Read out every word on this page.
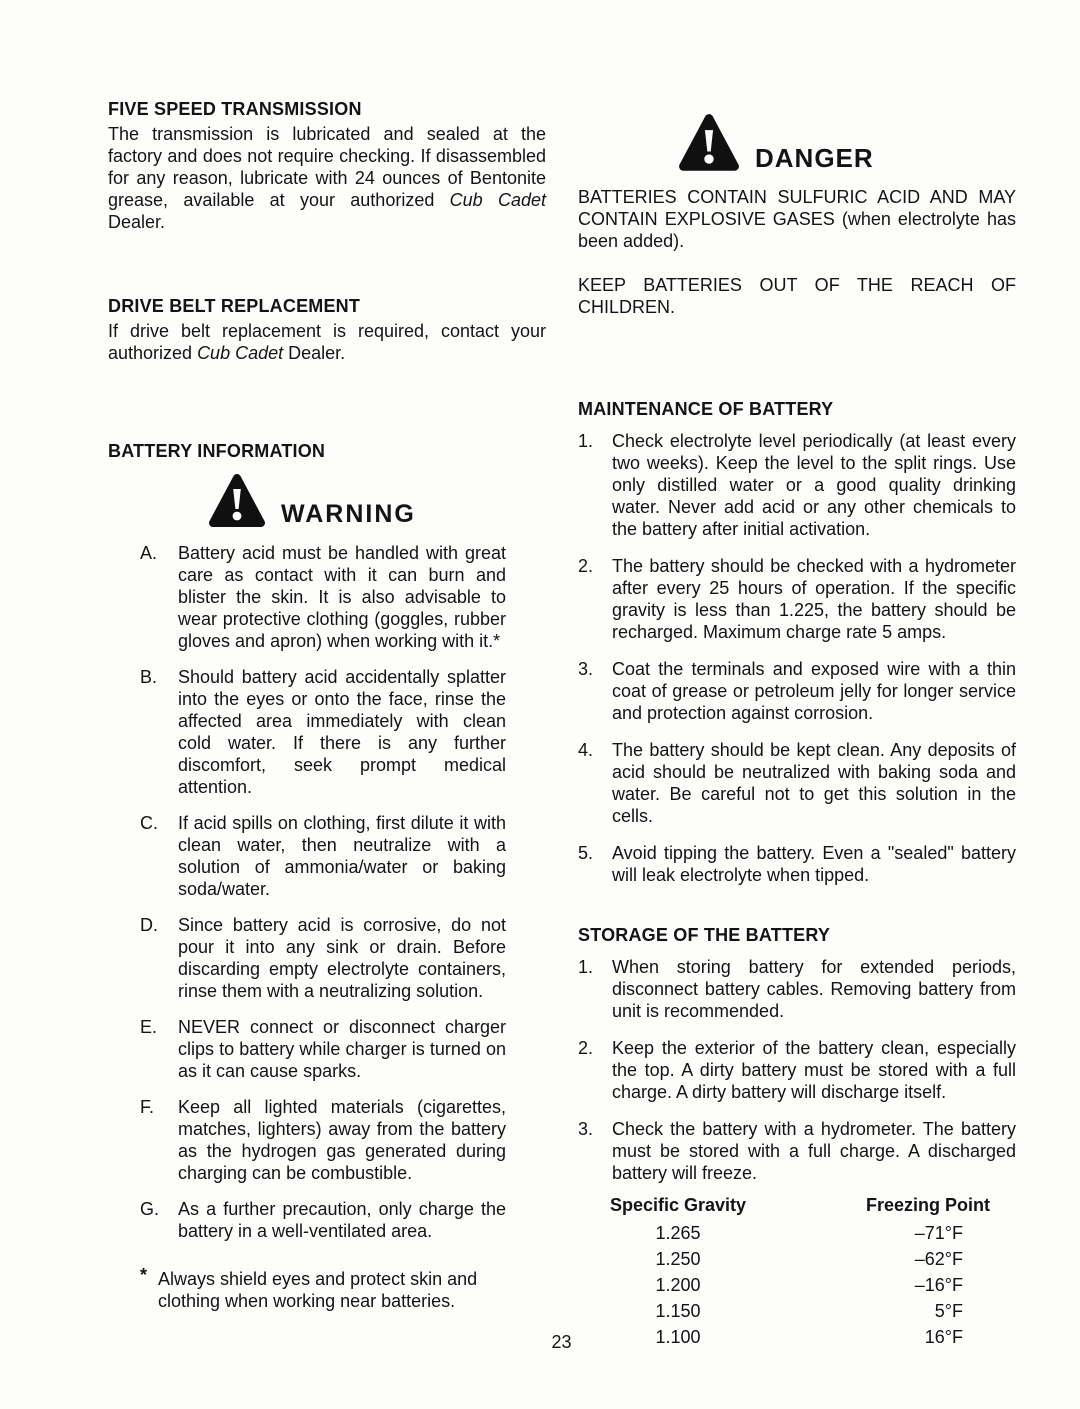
FIVE SPEED TRANSMISSION

The transmission is lubricated and sealed at the factory and does not require checking. If disassembled for any reason, lubricate with 24 ounces of Bentonite grease, available at your authorized Cub Cadet Dealer.

DRIVE BELT REPLACEMENT

If drive belt replacement is required, contact your authorized Cub Cadet Dealer.

BATTERY INFORMATION
WARNING
A. Battery acid must be handled with great care as contact with it can burn and blister the skin. It is also advisable to wear protective clothing (goggles, rubber gloves and apron) when working with it.*
B. Should battery acid accidentally splatter into the eyes or onto the face, rinse the affected area immediately with clean cold water. If there is any further discomfort, seek prompt medical attention.
C. If acid spills on clothing, first dilute it with clean water, then neutralize with a solution of ammonia/water or baking soda/water.
D. Since battery acid is corrosive, do not pour it into any sink or drain. Before discarding empty electrolyte containers, rinse them with a neutralizing solution.
E. NEVER connect or disconnect charger clips to battery while charger is turned on as it can cause sparks.
F. Keep all lighted materials (cigarettes, matches, lighters) away from the battery as the hydrogen gas generated during charging can be combustible.
G. As a further precaution, only charge the battery in a well-ventilated area.
* Always shield eyes and protect skin and clothing when working near batteries.
DANGER

BATTERIES CONTAIN SULFURIC ACID AND MAY CONTAIN EXPLOSIVE GASES (when electrolyte has been added).

KEEP BATTERIES OUT OF THE REACH OF CHILDREN.

MAINTENANCE OF BATTERY
1. Check electrolyte level periodically (at least every two weeks). Keep the level to the split rings. Use only distilled water or a good quality drinking water. Never add acid or any other chemicals to the battery after initial activation.
2. The battery should be checked with a hydrometer after every 25 hours of operation. If the specific gravity is less than 1.225, the battery should be recharged. Maximum charge rate 5 amps.
3. Coat the terminals and exposed wire with a thin coat of grease or petroleum jelly for longer service and protection against corrosion.
4. The battery should be kept clean. Any deposits of acid should be neutralized with baking soda and water. Be careful not to get this solution in the cells.
5. Avoid tipping the battery. Even a "sealed" battery will leak electrolyte when tipped.
STORAGE OF THE BATTERY
1. When storing battery for extended periods, disconnect battery cables. Removing battery from unit is recommended.
2. Keep the exterior of the battery clean, especially the top. A dirty battery must be stored with a full charge. A dirty battery will discharge itself.
3. Check the battery with a hydrometer. The battery must be stored with a full charge. A discharged battery will freeze.
Specific Gravity	Freezing Point
1.265	–71°F
1.250	–62°F
1.200	–16°F
1.150	5°F
1.100	16°F
23
